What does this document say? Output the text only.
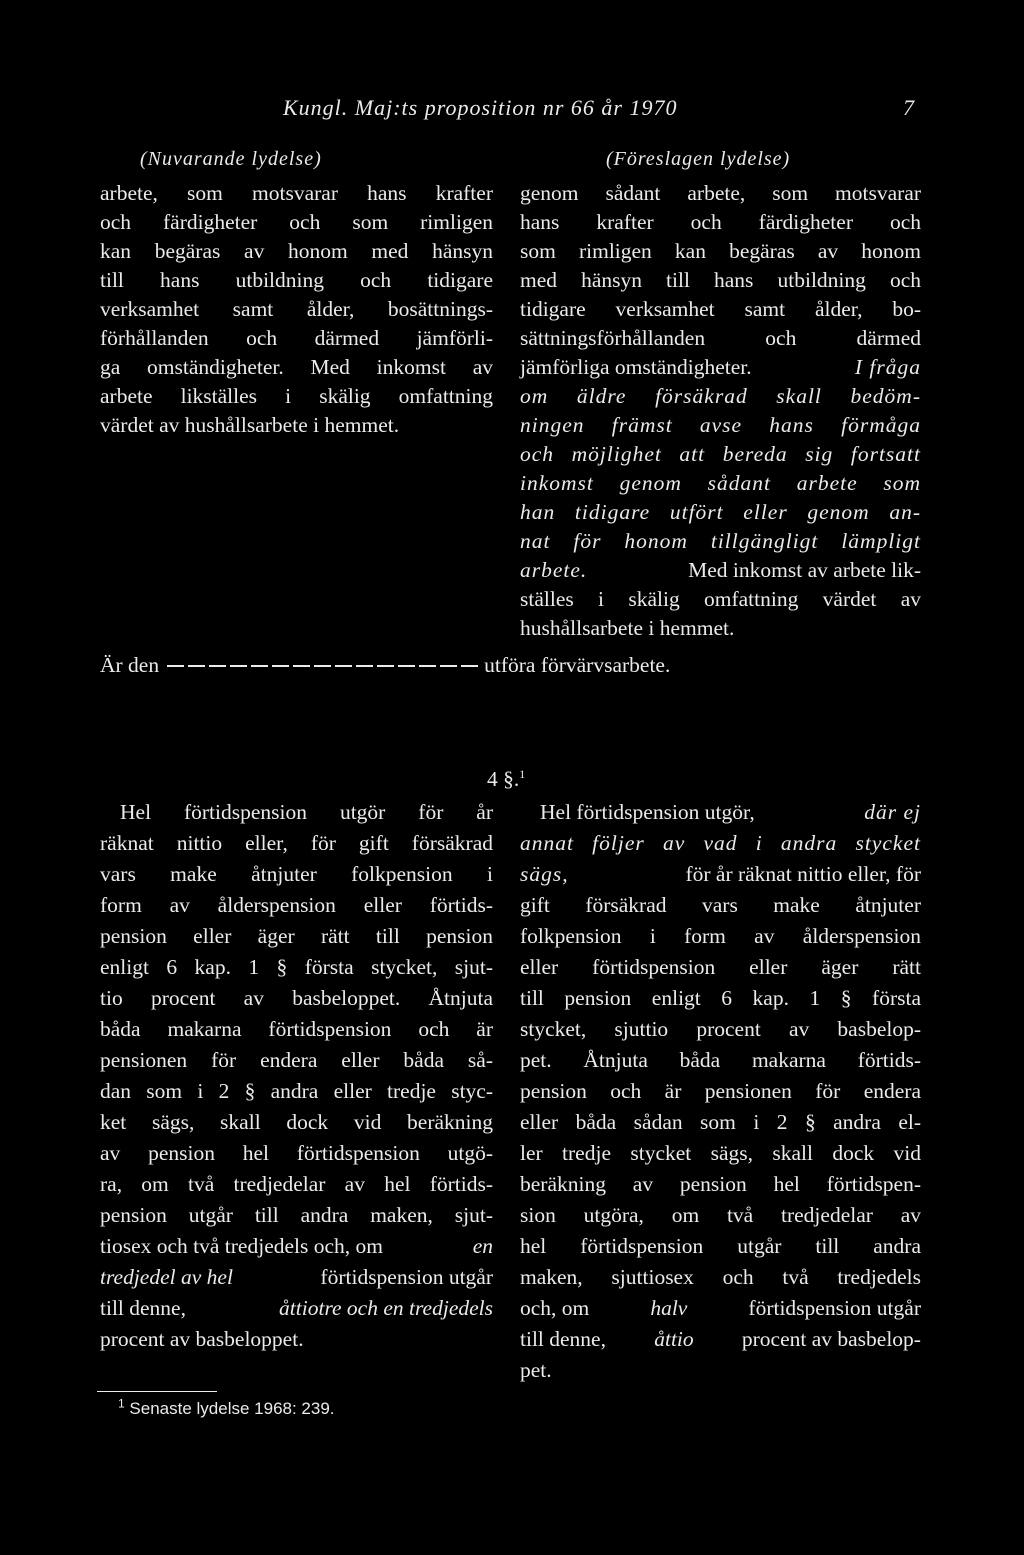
Kungl. Maj:ts proposition nr 66 år 1970	7
(Nuvarande lydelse)	(Föreslagen lydelse)
arbete, som motsvarar hans krafter
och färdigheter och som rimligen
kan begäras av honom med hänsyn
till hans utbildning och tidigare
verksamhet samt ålder, bosättnings-
förhållanden och därmed jämförli-
ga omständigheter. Med inkomst av
arbete likställes i skälig omfattning
värdet av hushållsarbete i hemmet.
genom sådant arbete, som motsvarar
hans krafter och färdigheter och
som rimligen kan begäras av honom
med hänsyn till hans utbildning och
tidigare verksamhet samt ålder, bo-
sättningsförhållanden och därmed
jämförliga omständigheter.	I fråga
om äldre försäkrad skall bedöm-
ningen främst avse hans förmåga
och möjlighet att bereda sig fortsatt
inkomst genom sådant arbete som
han tidigare utfört eller genom an-
nat för honom tillgängligt lämpligt
arbete.	Med inkomst av arbete lik-
ställes i skälig omfattning värdet av
hushållsarbete i hemmet.
Är den	utföra förvärvsarbete.
4 §.$^1$
Hel förtidspension utgör för år
räknat nittio eller, för gift försäkrad
vars make åtnjuter folkpension i
form av ålderspension eller förtids-
pension eller äger rätt till pension
enligt 6 kap. 1 § första stycket, sjut-
tio procent av basbeloppet. Åtnjuta
båda makarna förtidspension och är
pensionen för endera eller båda så-
dan som i 2 § andra eller tredje styc-
ket sägs, skall dock vid beräkning
av pension hel förtidspension utgö-
ra, om två tredjedelar av hel förtids-
pension utgår till andra maken, sjut-
tiosex och två tredjedels och, om	en
tredjedel av hel	förtidspension utgår
till denne,	åttiotre och en tredjedels
procent av basbeloppet.
Hel förtidspension utgör,	där ej
annat följer av vad i andra stycket
sägs,	för år räknat nittio eller, för
gift försäkrad vars make åtnjuter
folkpension i form av ålderspension
eller förtidspension eller äger rätt
till pension enligt 6 kap. 1 § första
stycket, sjuttio procent av basbelop-
pet. Åtnjuta båda makarna förtids-
pension och är pensionen för endera
eller båda sådan som i 2 § andra el-
ler tredje stycket sägs, skall dock vid
beräkning av pension hel förtidspen-
sion utgöra, om två tredjedelar av
hel förtidspension utgår till andra
maken, sjuttiosex och två tredjedels
och, om	halv	förtidspension utgår
till denne, åttio procent av basbelop-
pet.
$^1$ Senaste lydelse 1968: 239.
